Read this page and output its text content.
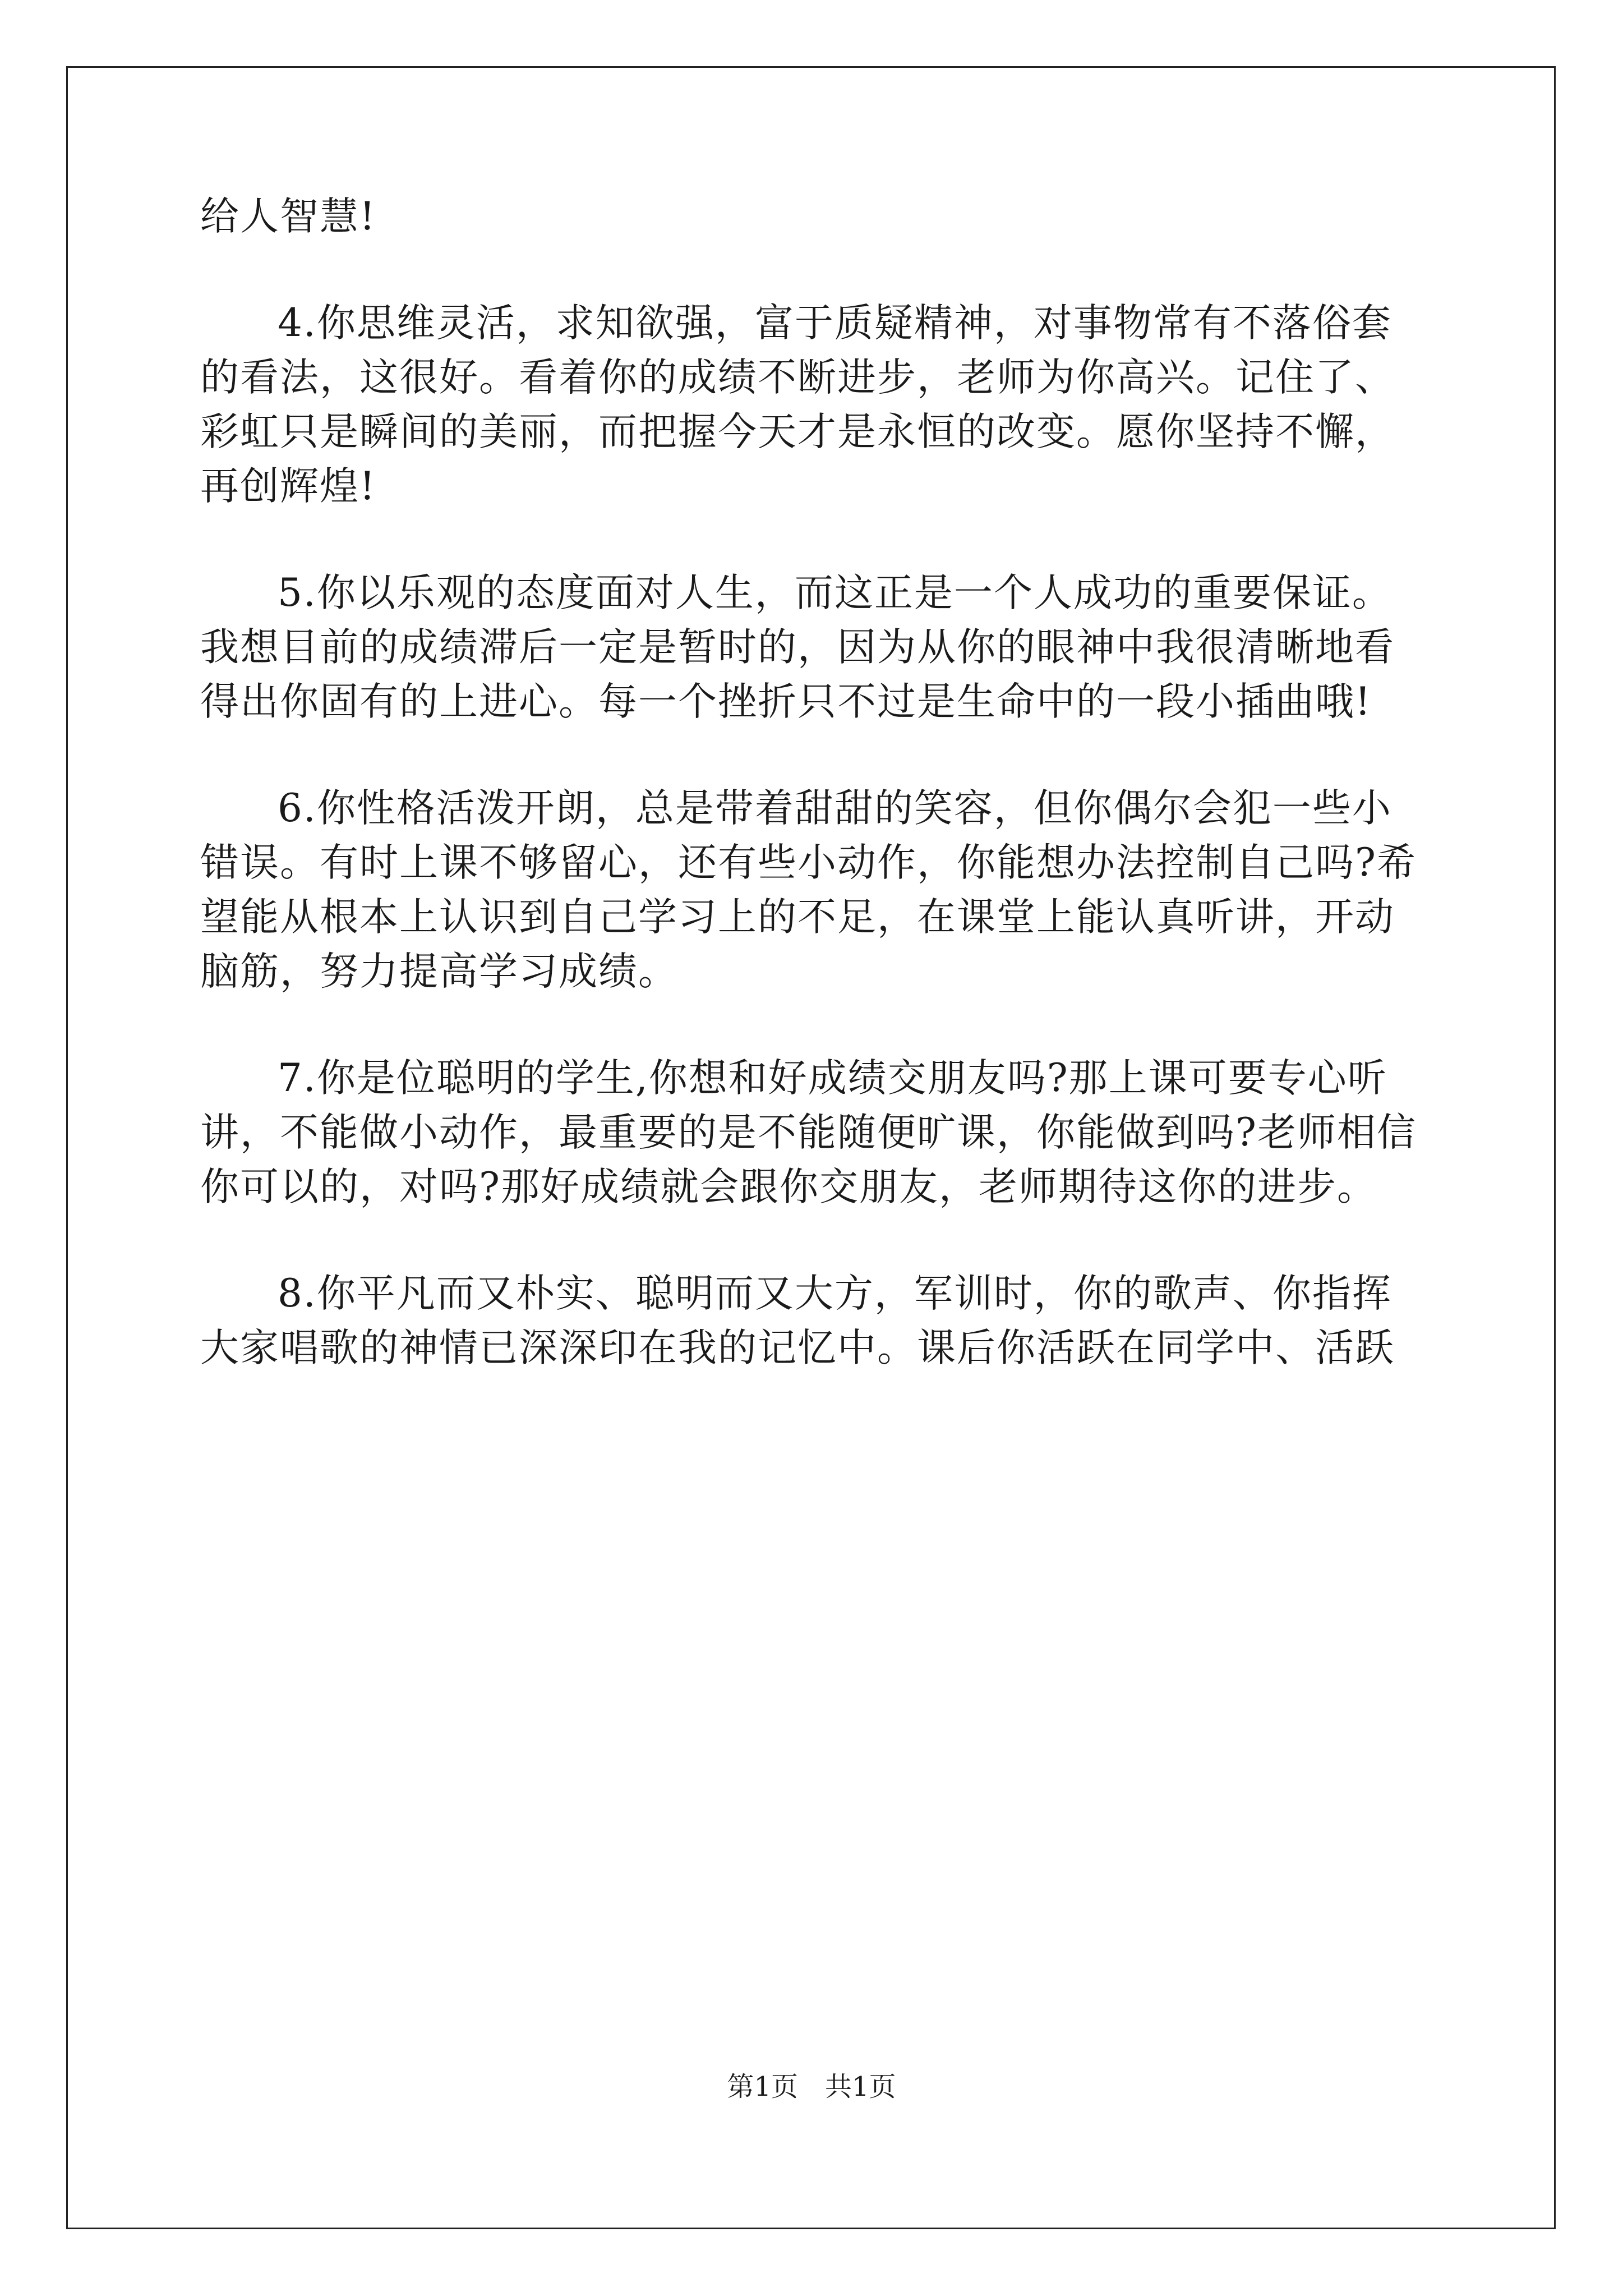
给人智慧!
4.你思维灵活，求知欲强，富于质疑精神，对事物常有不落俗套
的看法，这很好。看着你的成绩不断进步，老师为你高兴。记住了、
彩虹只是瞬间的美丽，而把握今天才是永恒的改变。愿你坚持不懈，
再创辉煌!
5.你以乐观的态度面对人生，而这正是一个人成功的重要保证。
我想目前的成绩滞后一定是暂时的，因为从你的眼神中我很清晰地看
得出你固有的上进心。每一个挫折只不过是生命中的一段小插曲哦!
6.你性格活泼开朗，总是带着甜甜的笑容，但你偶尔会犯一些小
错误。有时上课不够留心，还有些小动作，你能想办法控制自己吗?希
望能从根本上认识到自己学习上的不足，在课堂上能认真听讲，开动
脑筋，努力提高学习成绩。
7.你是位聪明的学生,你想和好成绩交朋友吗?那上课可要专心听
讲，不能做小动作，最重要的是不能随便旷课，你能做到吗?老师相信
你可以的，对吗?那好成绩就会跟你交朋友，老师期待这你的进步。
8.你平凡而又朴实、聪明而又大方，军训时，你的歌声、你指挥
大家唱歌的神情已深深印在我的记忆中。课后你活跃在同学中、活跃
第1页　共1页
